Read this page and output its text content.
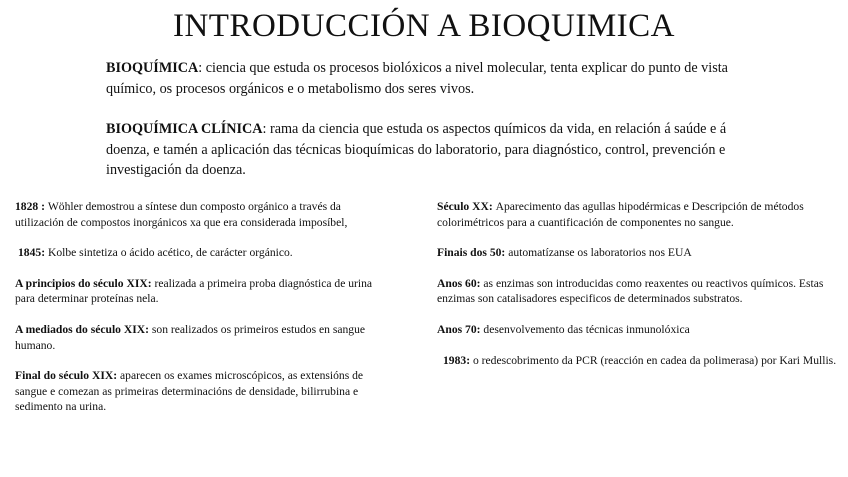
INTRODUCCIÓN A BIOQUIMICA

BIOQUÍMICA: ciencia que estuda os procesos biolóxicos a nivel molecular, tenta explicar do punto de vista químico, os procesos orgánicos e o metabolismo dos seres vivos.

BIOQUÍMICA CLÍNICA: rama da ciencia que estuda os aspectos químicos da vida, en relación á saúde e á doenza, e tamén a aplicación das técnicas bioquímicas do laboratorio, para diagnóstico, control, prevención e investigación da doenza.

1828 : Wöhler demostrou a síntese dun composto orgánico a través da utilización de compostos inorgánicos xa que era considerada imposíbel,

1845: Kolbe sintetiza o ácido acético, de carácter orgánico.

A principios do século XIX: realizada a primeira proba diagnóstica de urina para determinar proteínas nela.

A mediados do século XIX: son realizados os primeiros estudos en sangue humano.

Final do século XIX: aparecen os exames microscópicos, as extensións de sangue e comezan as primeiras determinacións de densidade, bilirrubina e sedimento na urina.

Século XX: Aparecimento das agullas hipodérmicas e Descripción de métodos colorimétricos para a cuantificación de componentes no sangue.

Finais dos 50: automatízanse os laboratorios nos EUA

Anos 60: as enzimas son introducidas como reaxentes ou reactivos químicos. Estas enzimas son catalisadores especificos de determinados substratos.

Anos 70: desenvolvemento das técnicas inmunolóxica

1983: o redescobrimento da PCR (reacción en cadea da polimerasa) por Kari Mullis.
